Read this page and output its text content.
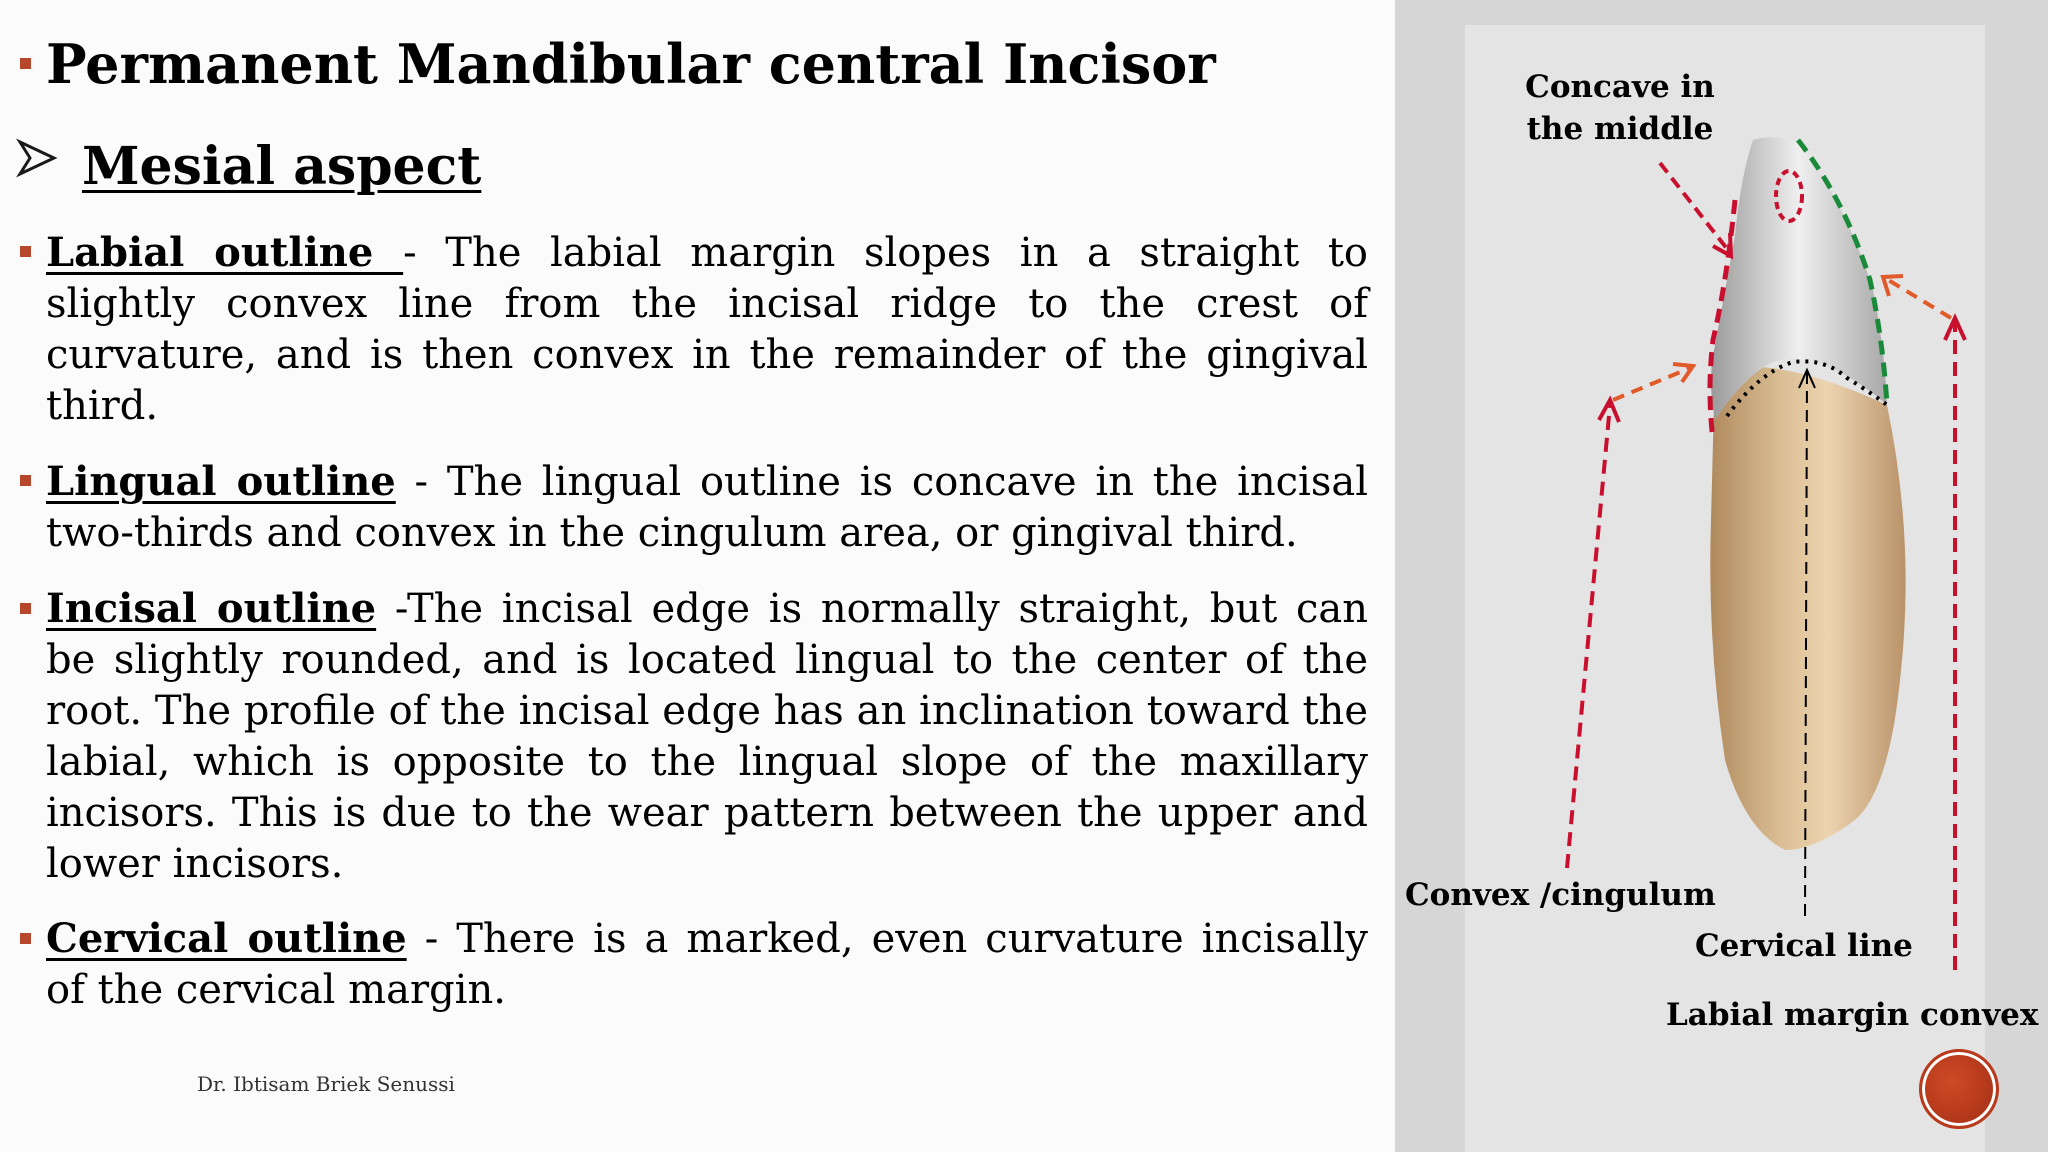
Permanent Mandibular central Incisor
Mesial aspect
Labial outline - The labial margin slopes in a straight to slightly convex line from the incisal ridge to the crest of curvature, and is then convex in the remainder of the gingival third.
Lingual outline - The lingual outline is concave in the incisal two-thirds and convex in the cingulum area, or gingival third.
Incisal outline -The incisal edge is normally straight, but can be slightly rounded, and is located lingual to the center of the root. The profile of the incisal edge has an inclination toward the labial, which is opposite to the lingual slope of the maxillary incisors. This is due to the wear pattern between the upper and lower incisors.
Cervical outline - There is a marked, even curvature incisally of the cervical margin.
Dr. Ibtisam Briek Senussi
Concave in the middle
Convex /cingulum
Cervical line
Labial margin convex
